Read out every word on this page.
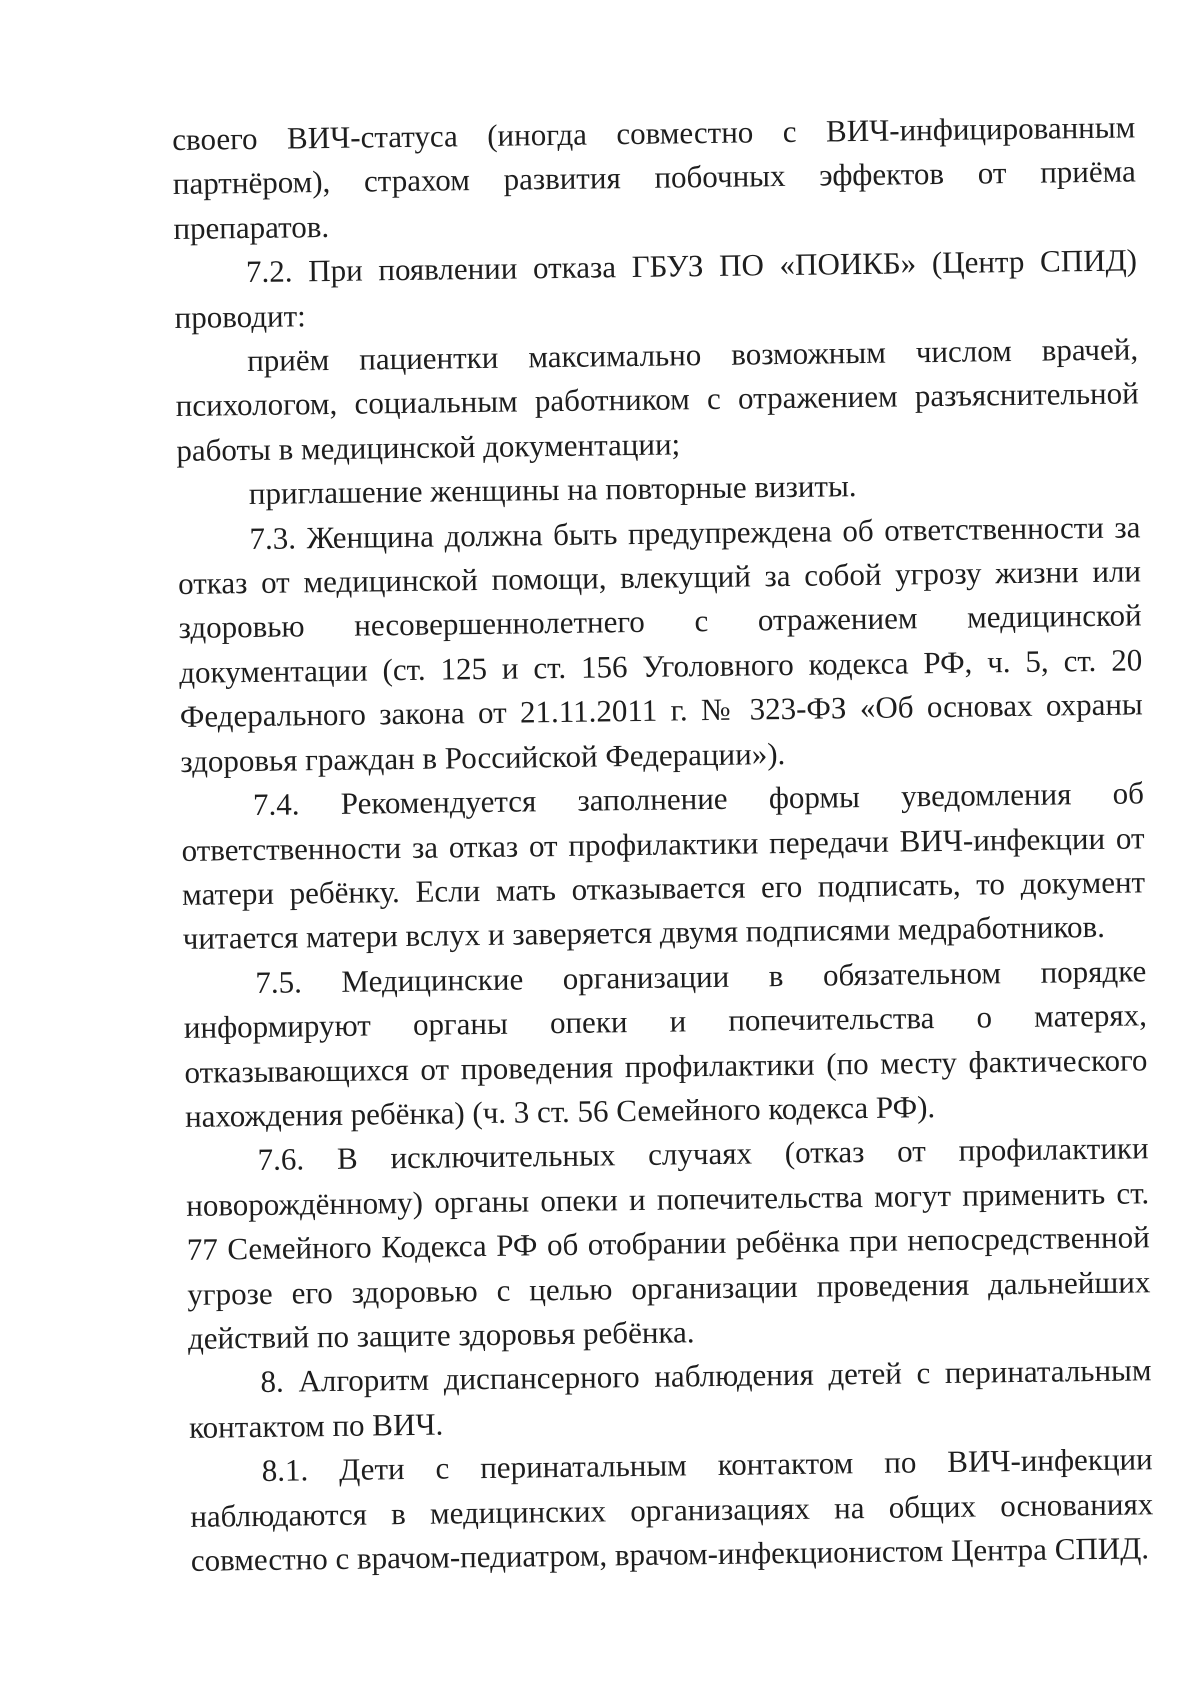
своего ВИЧ-статуса (иногда совместно с ВИЧ-инфицированным партнёром), страхом развития побочных эффектов от приёма препаратов.

7.2. При появлении отказа ГБУЗ ПО «ПОИКБ» (Центр СПИД) проводит:

приём пациентки максимально возможным числом врачей, психологом, социальным работником с отражением разъяснительной работы в медицинской документации;

приглашение женщины на повторные визиты.

7.3. Женщина должна быть предупреждена об ответственности за отказ от медицинской помощи, влекущий за собой угрозу жизни или здоровью несовершеннолетнего с отражением медицинской документации (ст. 125 и ст. 156 Уголовного кодекса РФ, ч. 5, ст. 20 Федерального закона от 21.11.2011 г. № 323-ФЗ «Об основах охраны здоровья граждан в Российской Федерации»).

7.4. Рекомендуется заполнение формы уведомления об ответственности за отказ от профилактики передачи ВИЧ-инфекции от матери ребёнку. Если мать отказывается его подписать, то документ читается матери вслух и заверяется двумя подписями медработников.

7.5. Медицинские организации в обязательном порядке информируют органы опеки и попечительства о матерях, отказывающихся от проведения профилактики (по месту фактического нахождения ребёнка) (ч. 3 ст. 56 Семейного кодекса РФ).

7.6. В исключительных случаях (отказ от профилактики новорождённому) органы опеки и попечительства могут применить ст. 77 Семейного Кодекса РФ об отобрании ребёнка при непосредственной угрозе его здоровью с целью организации проведения дальнейших действий по защите здоровья ребёнка.

8. Алгоритм диспансерного наблюдения детей с перинатальным контактом по ВИЧ.

8.1. Дети с перинатальным контактом по ВИЧ-инфекции наблюдаются в медицинских организациях на общих основаниях совместно с врачом-педиатром, врачом-инфекционистом Центра СПИД.
